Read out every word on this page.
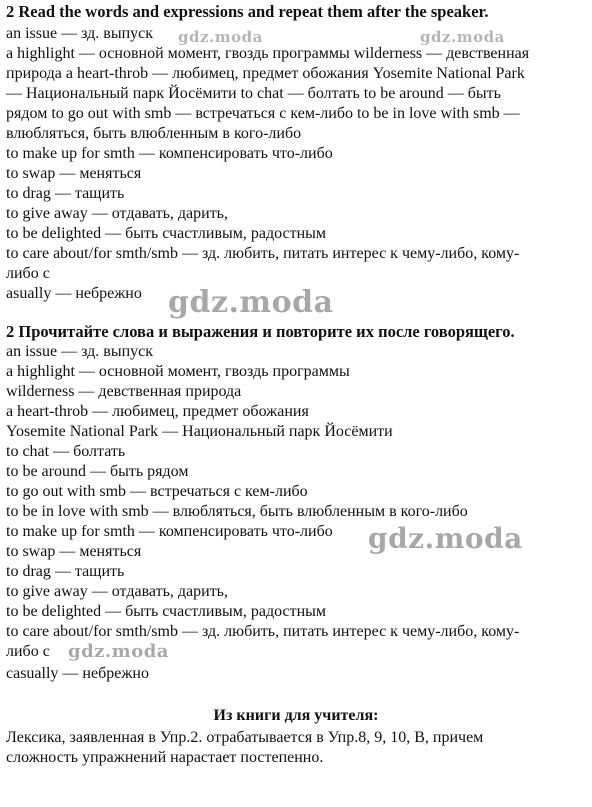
2 Read the words and expressions and repeat them after the speaker.
an issue — зд. выпуск
a highlight — основной момент, гвоздь программы wilderness — девственная
природа a heart-throb — любимец, предмет обожания Yosemite National Park
— Национальный парк Йосёмити to chat — болтать to be around — быть
рядом to go out with smb — встречаться с кем-либо to be in love with smb —
влюбляться, быть влюбленным в кого-либо
to make up for smth — компенсировать что-либо
to swap — меняться
to drag — тащить
to give away — отдавать, дарить,
to be delighted — быть счастливым, радостным
to care about/for smth/smb — зд. любить, питать интерес к чему-либо, кому-
либо с
asually — небрежно
2 Прочитайте слова и выражения и повторите их после говорящего.
an issue — зд. выпуск
a highlight — основной момент, гвоздь программы
wilderness — девственная природа
a heart-throb — любимец, предмет обожания
Yosemite National Park — Национальный парк Йосёмити
to chat — болтать
to be around — быть рядом
to go out with smb — встречаться с кем-либо
to be in love with smb — влюбляться, быть влюбленным в кого-либо
to make up for smth — компенсировать что-либо
to swap — меняться
to drag — тащить
to give away — отдавать, дарить,
to be delighted — быть счастливым, радостным
to care about/for smth/smb — зд. любить, питать интерес к чему-либо, кому-
либо с
casually — небрежно
Из книги для учителя:
Лексика, заявленная в Упр.2. отрабатывается в Упр.8, 9, 10, В, причем
сложность упражнений нарастает постепенно.
gdz.moda	gdz.moda
gdz.moda
gdz.moda
gdz.moda
